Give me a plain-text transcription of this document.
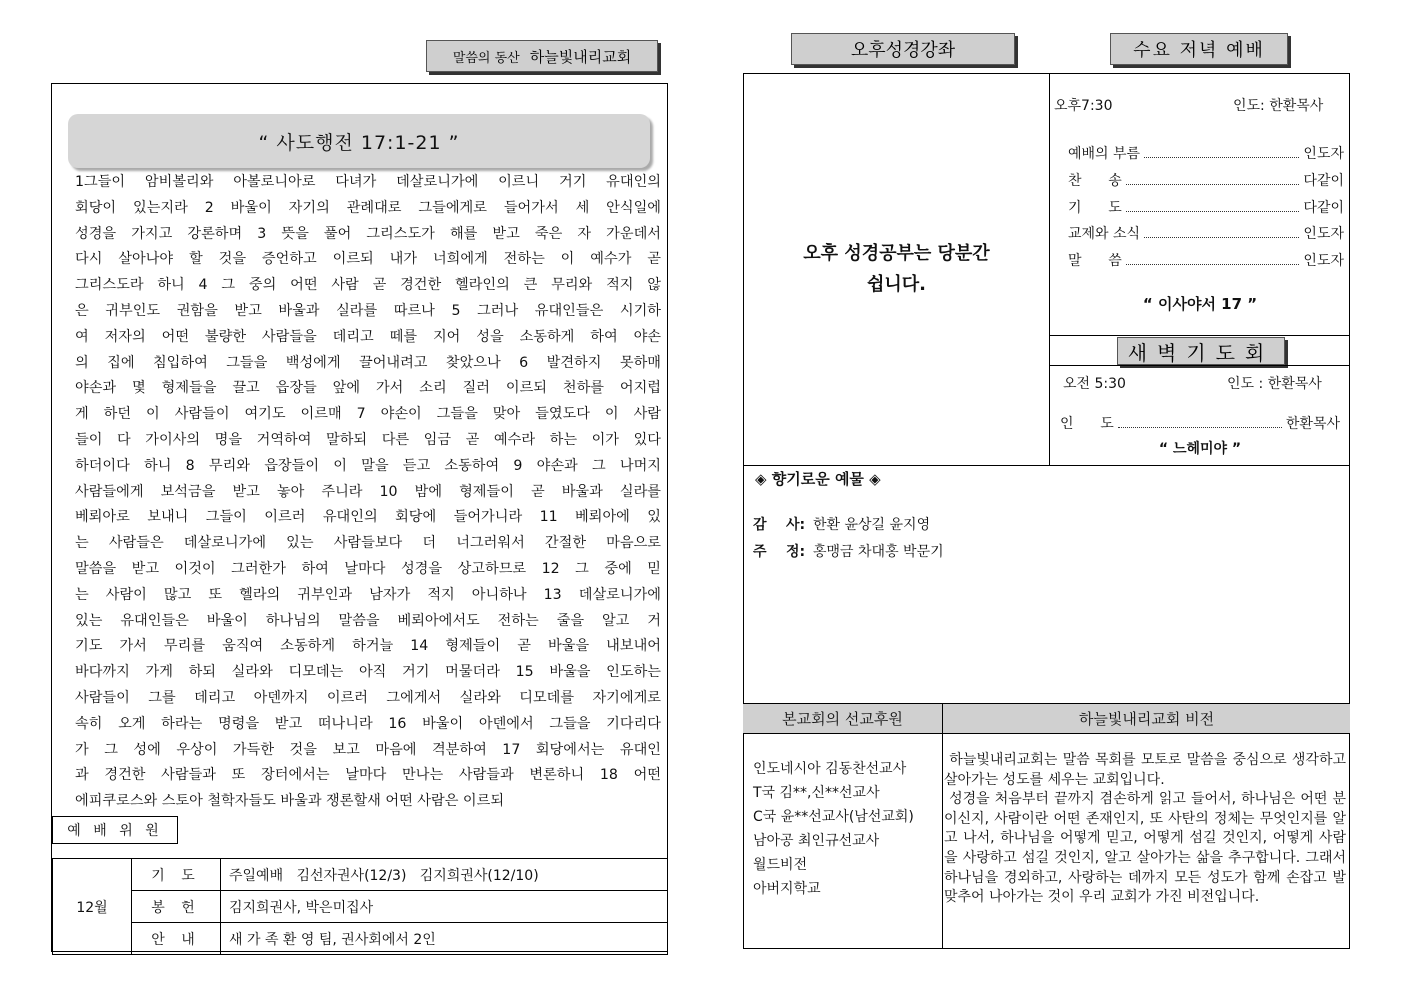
말씀의 동산 하늘빛내리교회
“ 사도행전 17:1-21 ”
1그들이 암비볼리와 아볼로니아로 다녀가 데살로니가에 이르니 거기 유대인의
회당이 있는지라 2 바울이 자기의 관례대로 그들에게로 들어가서 세 안식일에
성경을 가지고 강론하며 3 뜻을 풀어 그리스도가 해를 받고 죽은 자 가운데서
다시 살아나야 할 것을 증언하고 이르되 내가 너희에게 전하는 이 예수가 곧
그리스도라 하니 4 그 중의 어떤 사람 곧 경건한 헬라인의 큰 무리와 적지 않
은 귀부인도 권함을 받고 바울과 실라를 따르나 5 그러나 유대인들은 시기하
여 저자의 어떤 불량한 사람들을 데리고 떼를 지어 성을 소동하게 하여 야손
의 집에 침입하여 그들을 백성에게 끌어내려고 찾았으나 6 발견하지 못하매
야손과 몇 형제들을 끌고 읍장들 앞에 가서 소리 질러 이르되 천하를 어지럽
게 하던 이 사람들이 여기도 이르매 7 야손이 그들을 맞아 들였도다 이 사람
들이 다 가이사의 명을 거역하여 말하되 다른 임금 곧 예수라 하는 이가 있다
하더이다 하니 8 무리와 읍장들이 이 말을 듣고 소동하여 9 야손과 그 나머지
사람들에게 보석금을 받고 놓아 주니라 10 밤에 형제들이 곧 바울과 실라를
베뢰아로 보내니 그들이 이르러 유대인의 회당에 들어가니라 11 베뢰아에 있
는 사람들은 데살로니가에 있는 사람들보다 더 너그러워서 간절한 마음으로
말씀을 받고 이것이 그러한가 하여 날마다 성경을 상고하므로 12 그 중에 믿
는 사람이 많고 또 헬라의 귀부인과 남자가 적지 아니하나 13 데살로니가에
있는 유대인들은 바울이 하나님의 말씀을 베뢰아에서도 전하는 줄을 알고 거
기도 가서 무리를 움직여 소동하게 하거늘 14 형제들이 곧 바울을 내보내어
바다까지 가게 하되 실라와 디모데는 아직 거기 머물더라 15 바울을 인도하는
사람들이 그를 데리고 아덴까지 이르러 그에게서 실라와 디모데를 자기에게로
속히 오게 하라는 명령을 받고 떠나니라 16 바울이 아덴에서 그들을 기다리다
가 그 성에 우상이 가득한 것을 보고 마음에 격분하여 17 회당에서는 유대인
과 경건한 사람들과 또 장터에서는 날마다 만나는 사람들과 변론하니 18 어떤
에피쿠로스와 스토아 철학자들도 바울과 쟁론할새 어떤 사람은 이르되
예 배 위 원
12월	기 도	주일예배   김선자권사(12/3)   김지희권사(12/10)
	봉 헌	김지희권사, 박은미집사
	안 내	새 가 족 환 영 팀, 권사회에서 2인
오후성경강좌	수요 저녁 예배
오후 성경공부는 당분간
쉽니다.
오후7:30	인도: 한환목사
예배의 부름	인도자
찬      송	다같이
기      도	다같이
교제와 소식	인도자
말      씀	인도자
“ 이사야서 17 ”
새벽기도회
오전 5:30	인도 : 한환목사
인      도	한환목사
“ 느헤미야 ”
◈ 향기로운 예물 ◈
감    사: 한환 윤상길 윤지영
주    정: 홍맹금 차대홍 박문기
본교회의 선교후원	하늘빛내리교회 비전
인도네시아 김동찬선교사
T국 김**,신**선교사
C국 윤**선교사(남선교회)
남아공 최인규선교사
월드비전
아버지학교
하늘빛내리교회는 말씀 목회를 모토로 말씀을 중심으로 생각하고 살아가는 성도를 세우는 교회입니다.
성경을 처음부터 끝까지 겸손하게 읽고 들어서, 하나님은 어떤 분이신지, 사람이란 어떤 존재인지, 또 사탄의 정체는 무엇인지를 알고 나서, 하나님을 어떻게 믿고, 어떻게 섬길 것인지, 어떻게 사람을 사랑하고 섬길 것인지, 알고 살아가는 삶을 추구합니다. 그래서 하나님을 경외하고, 사랑하는 데까지 모든 성도가 함께 손잡고 발 맞추어 나아가는 것이 우리 교회가 가진 비전입니다.
